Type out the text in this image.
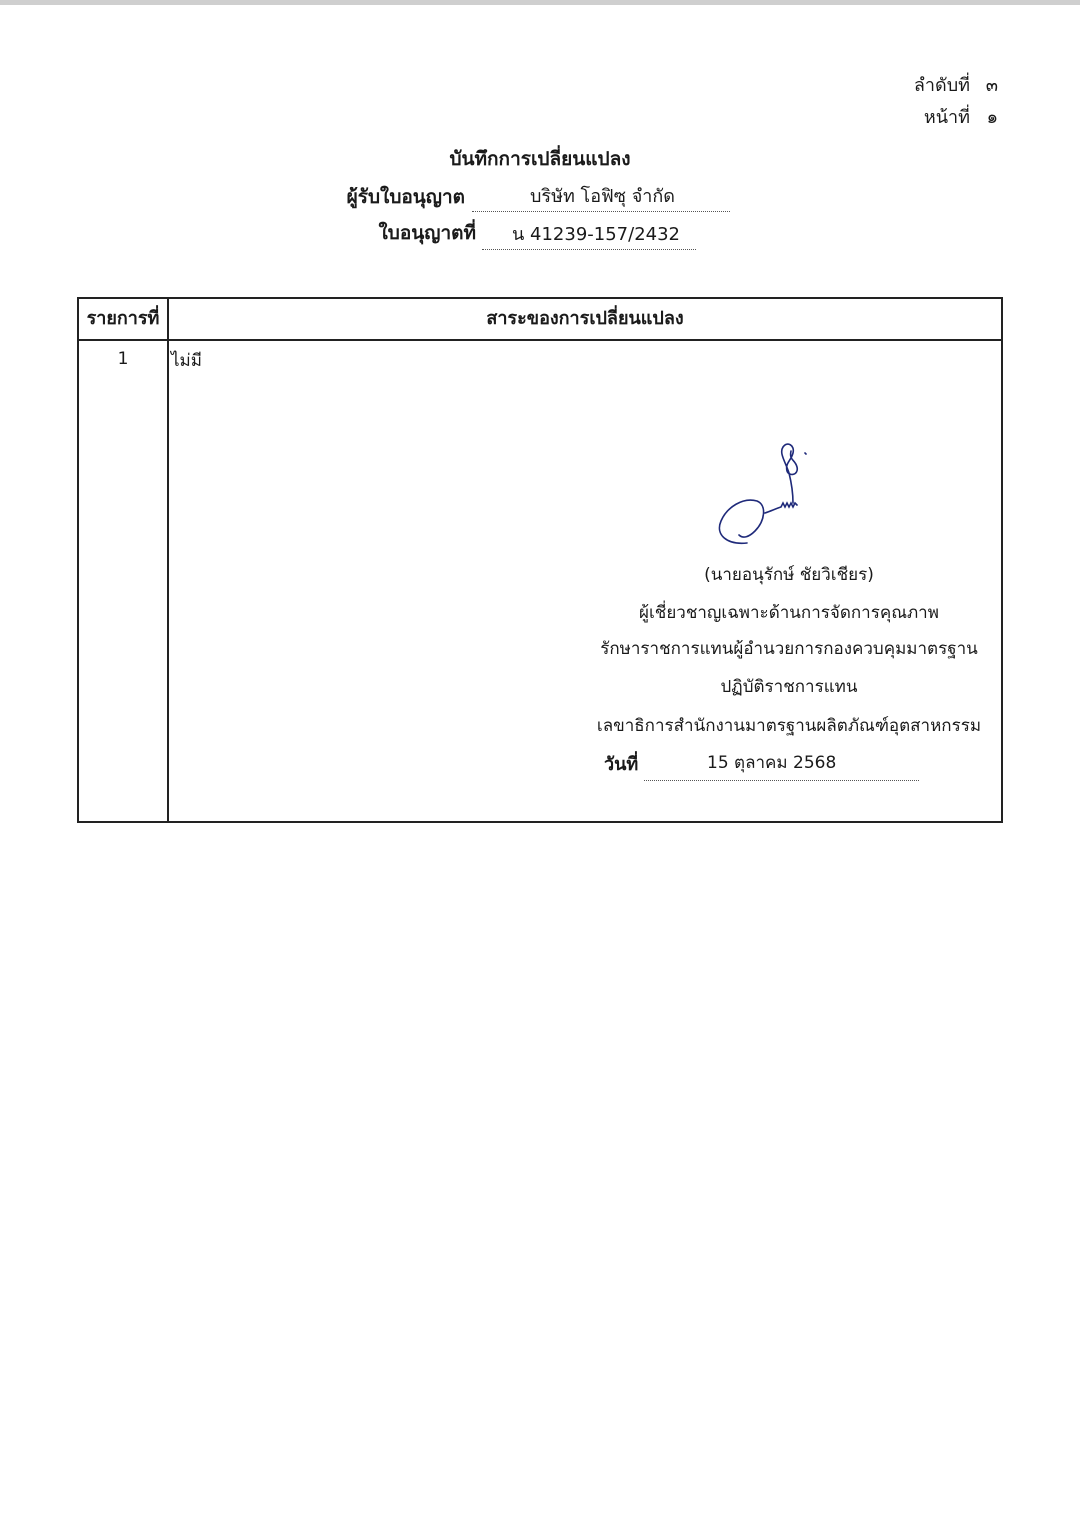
ลำดับที่ ๓
หน้าที่ ๑
บันทึกการเปลี่ยนแปลง
ผู้รับใบอนุญาต	บริษัท โอฟิซุ จำกัด
ใบอนุญาตที่	น 41239-157/2432
รายการที่	สาระของการเปลี่ยนแปลง
1	ไม่มี
(นายอนุรักษ์ ชัยวิเชียร)
ผู้เชี่ยวชาญเฉพาะด้านการจัดการคุณภาพ
รักษาราชการแทนผู้อำนวยการกองควบคุมมาตรฐาน
ปฏิบัติราชการแทน
เลขาธิการสำนักงานมาตรฐานผลิตภัณฑ์อุตสาหกรรม
วันที่	15 ตุลาคม 2568
